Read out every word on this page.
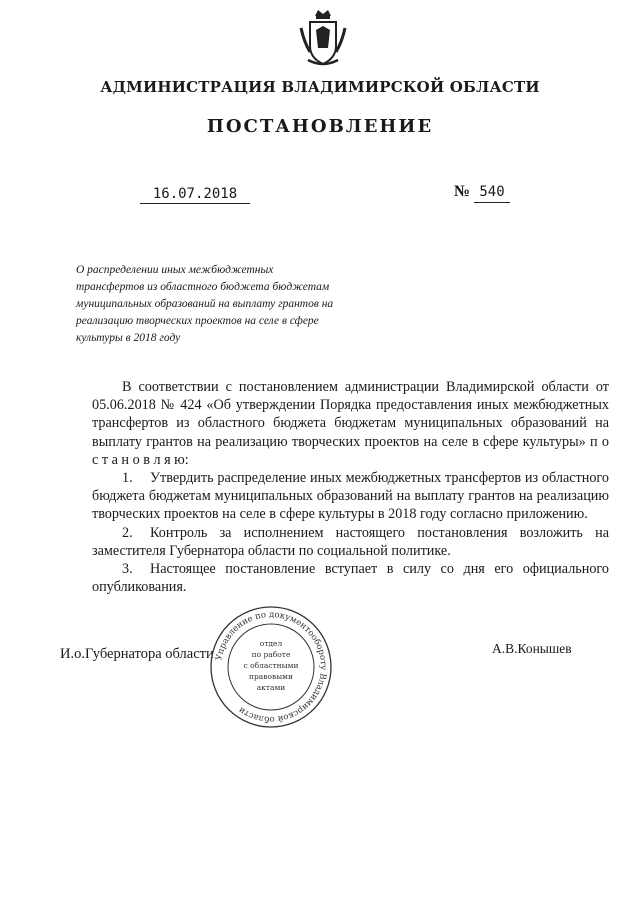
АДМИНИСТРАЦИЯ ВЛАДИМИРСКОЙ ОБЛАСТИ
ПОСТАНОВЛЕНИЕ
16.07.2018	№ 540
О распределении иных межбюджетных трансфертов из областного бюджета бюджетам муниципальных образований на выплату грантов на реализацию творческих проектов на селе в сфере культуры в 2018 году

В соответствии с постановлением администрации Владимирской области от 05.06.2018 № 424 «Об утверждении Порядка предоставления иных межбюджетных трансфертов из областного бюджета бюджетам муниципальных образований на выплату грантов на реализацию творческих проектов на селе в сфере культуры» п о с т а н о в л я ю:

1. Утвердить распределение иных межбюджетных трансфертов из областного бюджета бюджетам муниципальных образований на выплату грантов на реализацию творческих проектов на селе в сфере культуры в 2018 году согласно приложению.

2. Контроль за исполнением настоящего постановления возложить на заместителя Губернатора области по социальной политике.

3. Настоящее постановление вступает в силу со дня его официального опубликования.

И.о.Губернатора области	А.В.Конышев
Управление по документообороту Владимирской области
отдел
по работе
с областными
правовыми
актами
